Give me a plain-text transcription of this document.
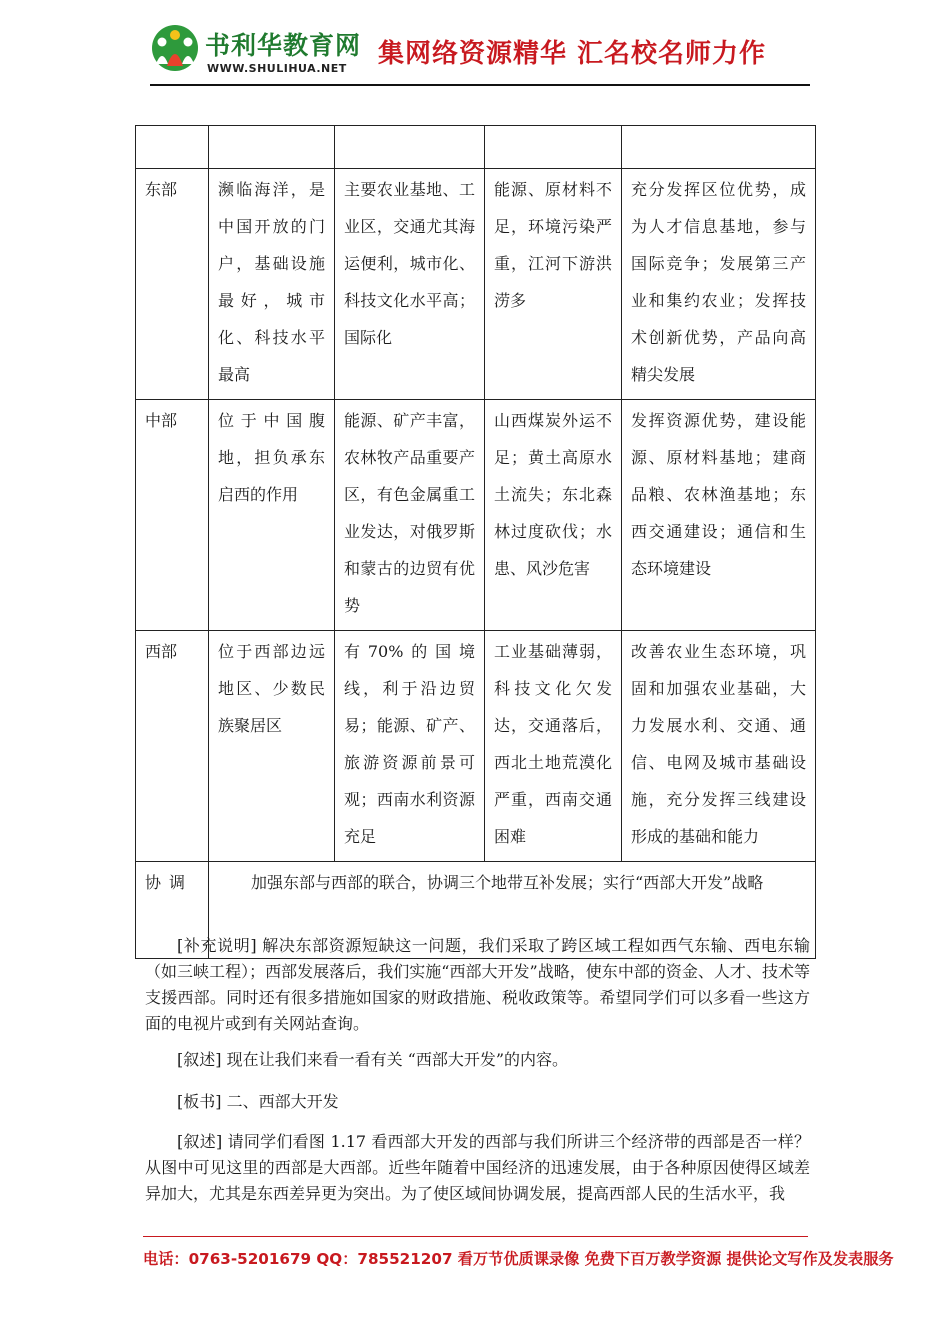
书利华教育网
WWW.SHULIHUA.NET 集网络资源精华 汇名校名师力作

东部	濒临海洋，是中国开放的门户，基础设施最好，城市化、科技水平最高	主要农业基地、工业区，交通尤其海运便利，城市化、科技文化水平高；国际化	能源、原材料不足，环境污染严重，江河下游洪涝多	充分发挥区位优势，成为人才信息基地，参与国际竞争；发展第三产业和集约农业；发挥技术创新优势，产品向高精尖发展
中部	位于中国腹地，担负承东启西的作用	能源、矿产丰富，农林牧产品重要产区，有色金属重工业发达，对俄罗斯和蒙古的边贸有优势	山西煤炭外运不足；黄土高原水土流失；东北森林过度砍伐；水患、风沙危害	发挥资源优势，建设能源、原材料基地；建商品粮、农林渔基地；东西交通建设；通信和生态环境建设
西部	位于西部边远地区、少数民族聚居区	有70%的国境线，利于沿边贸易；能源、矿产、旅游资源前景可观；西南水利资源充足	工业基础薄弱，科技文化欠发达，交通落后，西北土地荒漠化严重，西南交通困难	改善农业生态环境，巩固和加强农业基础，大力发展水利、交通、通信、电网及城市基础设施，充分发挥三线建设形成的基础和能力
协调	加强东部与西部的联合，协调三个地带互补发展；实行“西部大开发”战略			

[补充说明] 解决东部资源短缺这一问题，我们采取了跨区域工程如西气东输、西电东输（如三峡工程）；西部发展落后，我们实施“西部大开发”战略，使东中部的资金、人才、技术等支援西部。同时还有很多措施如国家的财政措施、税收政策等。希望同学们可以多看一些这方面的电视片或到有关网站查询。

[叙述] 现在让我们来看一看有关 “西部大开发”的内容。

[板书] 二、西部大开发

[叙述] 请同学们看图 1.17 看西部大开发的西部与我们所讲三个经济带的西部是否一样？从图中可见这里的西部是大西部。近些年随着中国经济的迅速发展，由于各种原因使得区域差异加大，尤其是东西差异更为突出。为了使区域间协调发展，提高西部人民的生活水平，我

电话：0763-5201679 QQ：785521207 看万节优质课录像 免费下百万教学资源 提供论文写作及发表服务
